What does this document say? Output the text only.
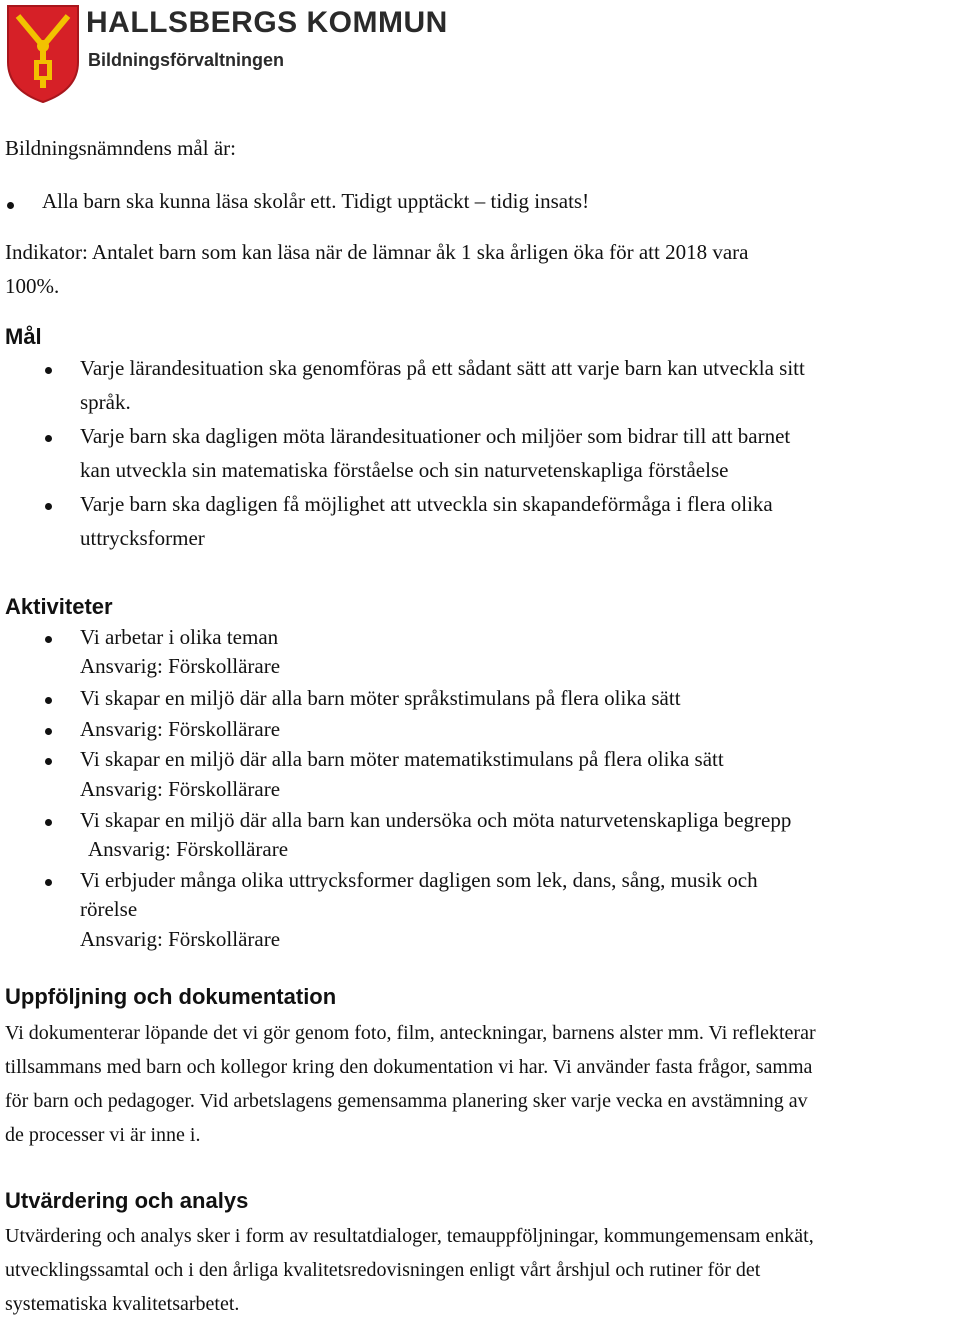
HALLSBERGS KOMMUN
Bildningsförvaltningen
Bildningsnämndens mål är:
Alla barn ska kunna läsa skolår ett. Tidigt upptäckt – tidig insats!
Indikator: Antalet barn som kan läsa när de lämnar åk 1 ska årligen öka för att 2018 vara
100%.
Mål
Varje lärandesituation ska genomföras på ett sådant sätt att varje barn kan utveckla sitt
språk.
Varje barn ska dagligen möta lärandesituationer och miljöer som bidrar till att barnet
kan utveckla sin matematiska förståelse och sin naturvetenskapliga förståelse
Varje barn ska dagligen få möjlighet att utveckla sin skapandeförmåga i flera olika
uttrycksformer
Aktiviteter
Vi arbetar i olika teman
Ansvarig: Förskollärare
Vi skapar en miljö där alla barn möter språkstimulans på flera olika sätt
Ansvarig: Förskollärare
Vi skapar en miljö där alla barn möter matematikstimulans på flera olika sätt
Ansvarig: Förskollärare
Vi skapar en miljö där alla barn kan undersöka och möta naturvetenskapliga begrepp
Ansvarig: Förskollärare
Vi erbjuder många olika uttrycksformer dagligen som lek, dans, sång, musik och
rörelse
Ansvarig: Förskollärare
Uppföljning och dokumentation
Vi dokumenterar löpande det vi gör genom foto, film, anteckningar, barnens alster mm. Vi reflekterar
tillsammans med barn och kollegor kring den dokumentation vi har. Vi använder fasta frågor, samma
för barn och pedagoger. Vid arbetslagens gemensamma planering sker varje vecka en avstämning av
de processer vi är inne i.
Utvärdering och analys
Utvärdering och analys sker i form av resultatdialoger, temauppföljningar, kommungemensam enkät,
utvecklingssamtal och i den årliga kvalitetsredovisningen enligt vårt årshjul och rutiner för det
systematiska kvalitetsarbetet.
